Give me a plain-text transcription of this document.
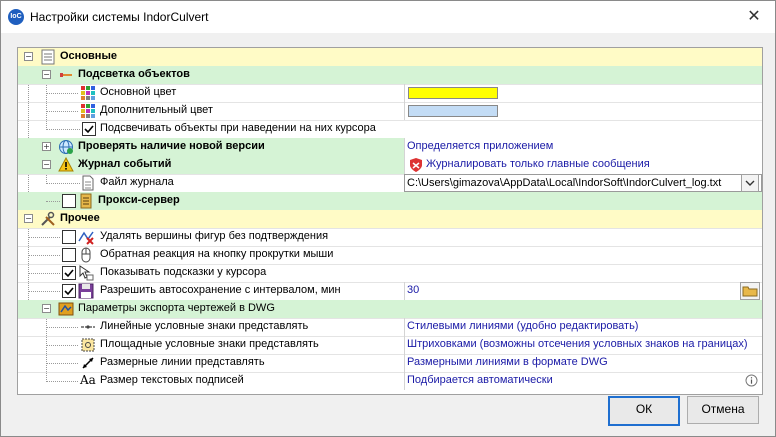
IoC Настройки системы IndorCulvert	✕
−	Основные
−	Подсветка объектов
Основной цвет
Дополнительный цвет
Подсвечивать объекты при наведении на них курсора
+	Проверять наличие новой версии	Определяется приложением
−	Журнал событий	Журналировать только главные сообщения
Файл журнала	C:\Users\gimazova\AppData\Local\IndorSoft\IndorCulvert_log.txt
Прокси-сервер
−	Прочее
Удалять вершины фигур без подтверждения
Обратная реакция на кнопку прокрутки мыши
Показывать подсказки у курсора
Разрешить автосохранение с интервалом, мин	30
−	Параметры экспорта чертежей в DWG
Линейные условные знаки представлять	Стилевыми линиями (удобно редактировать)
Площадные условные знаки представлять	Штриховками (возможны отсечения условных знаков на границах)
Размерные линии представлять	Размерными линиями в формате DWG
Aa Размер текстовых подписей	Подбирается автоматически
ОК	Отмена
